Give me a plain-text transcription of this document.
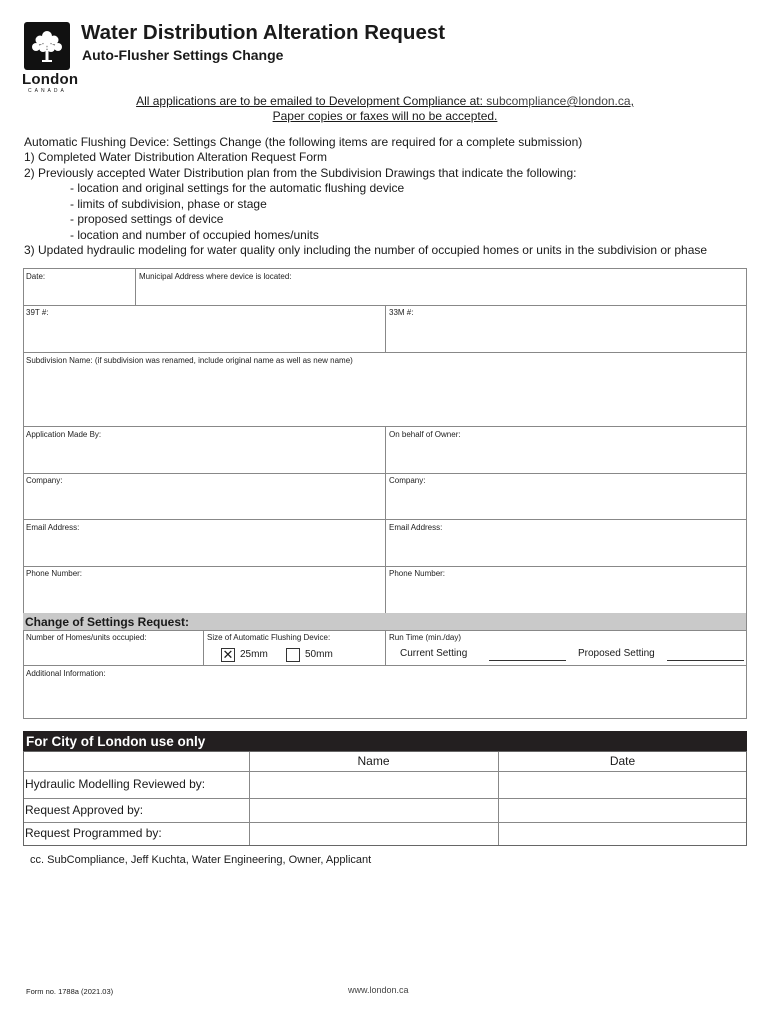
London
CANADA
Water Distribution Alteration Request
Auto-Flusher Settings Change
All applications are to be emailed to Development Compliance at: subcompliance@london.ca,
Paper copies or faxes will no be accepted.
Automatic Flushing Device: Settings Change (the following items are required for a complete submission)
1) Completed Water Distribution Alteration Request Form
2) Previously accepted Water Distribution plan from the Subdivision Drawings that indicate the following:
- location and original settings for the automatic flushing device
- limits of subdivision, phase or stage
- proposed settings of device
- location and number of occupied homes/units
3) Updated hydraulic modeling for water quality only including the number of occupied homes or units in the subdivision or phase
Date:	Municipal Address where device is located:
39T #:	33M #:
Subdivision Name: (if subdivision was renamed, include original name as well as new name)
Application Made By:	On behalf of Owner:
Company:	Company:
Email Address:	Email Address:
Phone Number:	Phone Number:
Change of Settings Request:
Number of Homes/units occupied:	Size of Automatic Flushing Device:
✕ 25mm	50mm
Run Time (min./day)
Current Setting	Proposed Setting
Additional Information:
For City of London use only
Name	Date
Hydraulic Modelling Reviewed by:
Request Approved by:
Request Programmed by:
cc. SubCompliance, Jeff Kuchta, Water Engineering, Owner, Applicant
Form no. 1788a (2021.03)	www.london.ca
